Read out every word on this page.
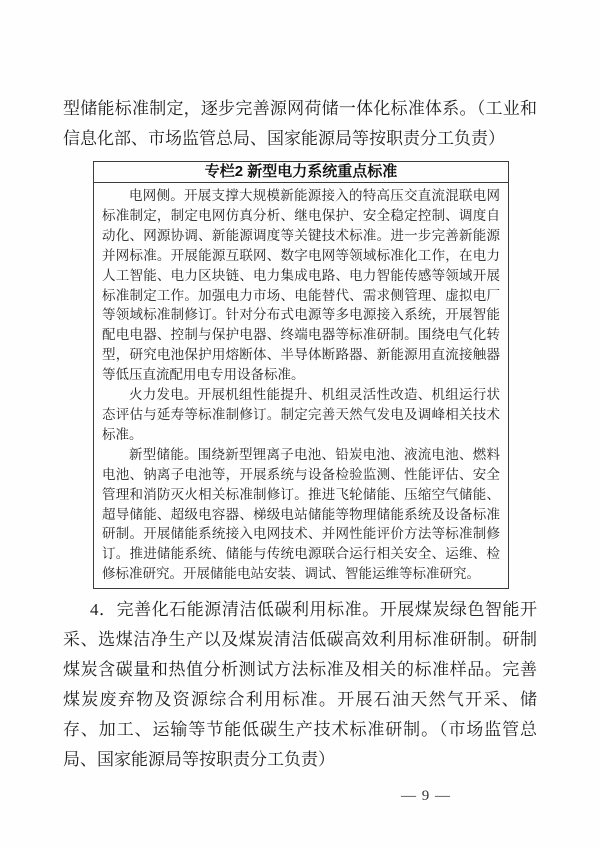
型储能标准制定，逐步完善源网荷储一体化标准体系。（工业和信息化部、市场监管总局、国家能源局等按职责分工负责）

专栏2 新型电力系统重点标准

电网侧。开展支撑大规模新能源接入的特高压交直流混联电网标准制定，制定电网仿真分析、继电保护、安全稳定控制、调度自动化、网源协调、新能源调度等关键技术标准。进一步完善新能源并网标准。开展能源互联网、数字电网等领域标准化工作，在电力人工智能、电力区块链、电力集成电路、电力智能传感等领域开展标准制定工作。加强电力市场、电能替代、需求侧管理、虚拟电厂等领域标准制修订。针对分布式电源等多电源接入系统，开展智能配电电器、控制与保护电器、终端电器等标准研制。围绕电气化转型，研究电池保护用熔断体、半导体断路器、新能源用直流接触器等低压直流配用电专用设备标准。

火力发电。开展机组性能提升、机组灵活性改造、机组运行状态评估与延寿等标准制修订。制定完善天然气发电及调峰相关技术标准。

新型储能。围绕新型锂离子电池、铅炭电池、液流电池、燃料电池、钠离子电池等，开展系统与设备检验监测、性能评估、安全管理和消防灭火相关标准制修订。推进飞轮储能、压缩空气储能、超导储能、超级电容器、梯级电站储能等物理储能系统及设备标准研制。开展储能系统接入电网技术、并网性能评价方法等标准制修订。推进储能系统、储能与传统电源联合运行相关安全、运维、检修标准研究。开展储能电站安装、调试、智能运维等标准研究。

4．完善化石能源清洁低碳利用标准。开展煤炭绿色智能开采、选煤洁净生产以及煤炭清洁低碳高效利用标准研制。研制煤炭含碳量和热值分析测试方法标准及相关的标准样品。完善煤炭废弃物及资源综合利用标准。开展石油天然气开采、储存、加工、运输等节能低碳生产技术标准研制。（市场监管总局、国家能源局等按职责分工负责）

— 9 —
